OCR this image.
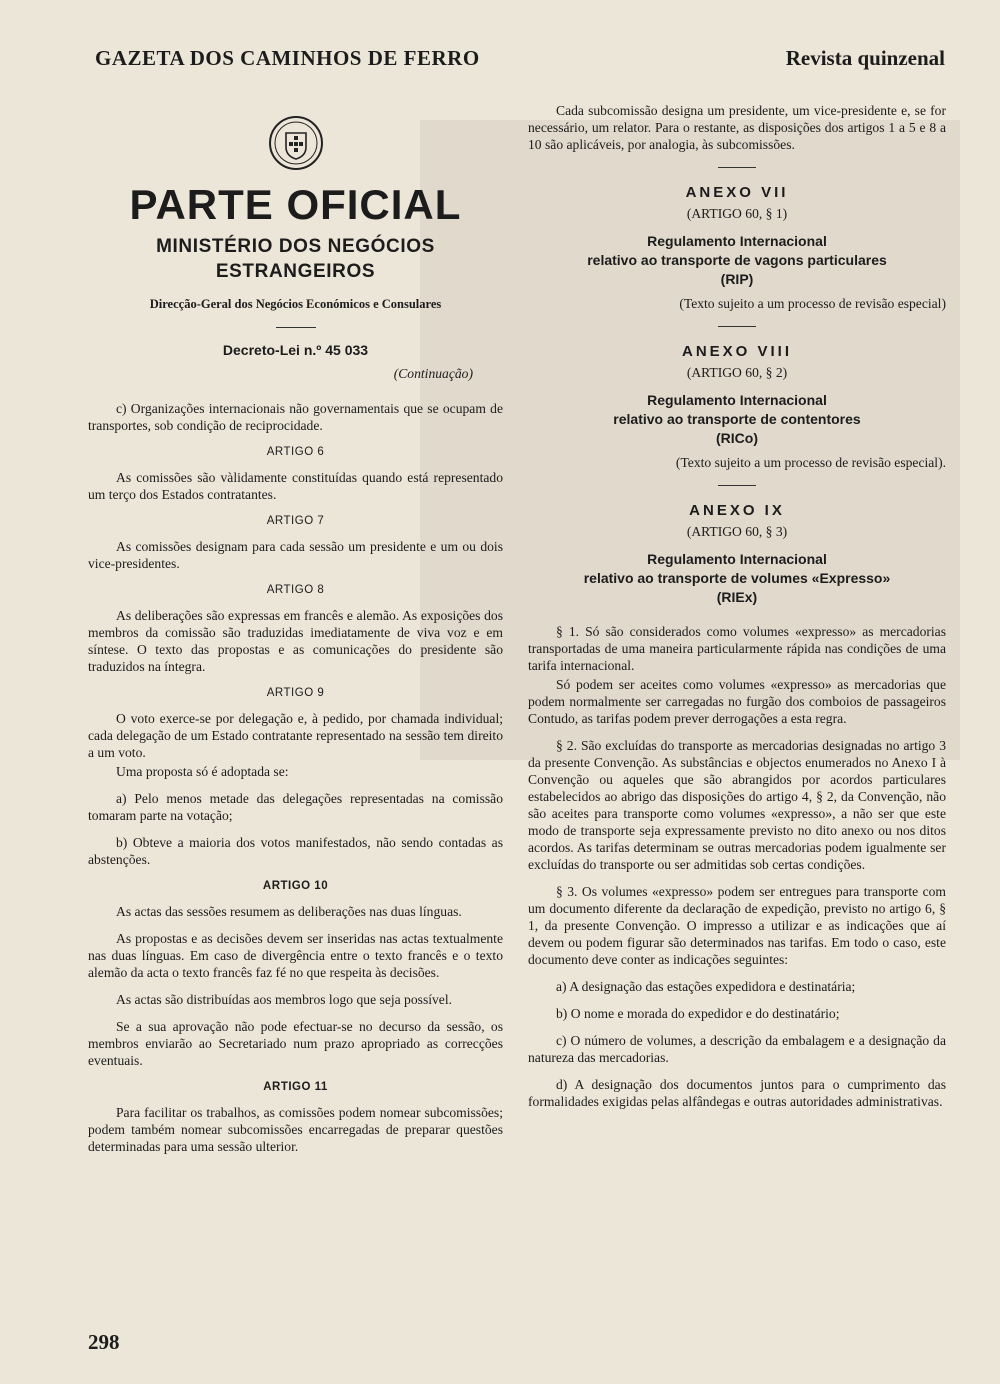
GAZETA DOS CAMINHOS DE FERRO	Revista quinzenal
PARTE OFICIAL
MINISTÉRIO DOS NEGÓCIOS
ESTRANGEIROS
Direcção-Geral dos Negócios Económicos e Consulares
Decreto-Lei n.º 45 033
(Continuação)

c) Organizações internacionais não governamentais que se ocupam de transportes, sob condição de reciprocidade.

ARTIGO 6

As comissões são vàlidamente constituídas quando está representado um terço dos Estados contratantes.

ARTIGO 7

As comissões designam para cada sessão um presidente e um ou dois vice-presidentes.

ARTIGO 8

As deliberações são expressas em francês e alemão. As exposições dos membros da comissão são traduzidas imediatamente de viva voz e em síntese. O texto das propostas e as comunicações do presidente são traduzidos na íntegra.

ARTIGO 9

O voto exerce-se por delegação e, à pedido, por chamada individual; cada delegação de um Estado contratante representado na sessão tem direito a um voto.

Uma proposta só é adoptada se:

a) Pelo menos metade das delegações representadas na comissão tomaram parte na votação;

b) Obteve a maioria dos votos manifestados, não sendo contadas as abstenções.

ARTIGO 10

As actas das sessões resumem as deliberações nas duas línguas.

As propostas e as decisões devem ser inseridas nas actas textualmente nas duas línguas. Em caso de divergência entre o texto francês e o texto alemão da acta o texto francês faz fé no que respeita às decisões.

As actas são distribuídas aos membros logo que seja possível.

Se a sua aprovação não pode efectuar-se no decurso da sessão, os membros enviarão ao Secretariado num prazo apropriado as correcções eventuais.

ARTIGO 11

Para facilitar os trabalhos, as comissões podem nomear subcomissões; podem também nomear subcomissões encarregadas de preparar questões determinadas para uma sessão ulterior.

Cada subcomissão designa um presidente, um vice-presidente e, se for necessário, um relator. Para o restante, as disposições dos artigos 1 a 5 e 8 a 10 são aplicáveis, por analogia, às subcomissões.

ANEXO VII
(ARTIGO 60, § 1)
Regulamento Internacional
relativo ao transporte de vagons particulares
(RIP)
(Texto sujeito a um processo de revisão especial)
ANEXO VIII
(ARTIGO 60, § 2)
Regulamento Internacional
relativo ao transporte de contentores
(RICo)
(Texto sujeito a um processo de revisão especial).
ANEXO IX
(ARTIGO 60, § 3)
Regulamento Internacional
relativo ao transporte de volumes «Expresso»
(RIEx)

§ 1. Só são considerados como volumes «expresso» as mercadorias transportadas de uma maneira particularmente rápida nas condições de uma tarifa internacional.

Só podem ser aceites como volumes «expresso» as mercadorias que podem normalmente ser carregadas no furgão dos comboios de passageiros Contudo, as tarifas podem prever derrogações a esta regra.

§ 2. São excluídas do transporte as mercadorias designadas no artigo 3 da presente Convenção. As substâncias e objectos enumerados no Anexo I à Convenção ou aqueles que são abrangidos por acordos particulares estabelecidos ao abrigo das disposições do artigo 4, § 2, da Convenção, não são aceites para transporte como volumes «expresso», a não ser que este modo de transporte seja expressamente previsto no dito anexo ou nos ditos acordos. As tarifas determinam se outras mercadorias podem igualmente ser excluídas do transporte ou ser admitidas sob certas condições.

§ 3. Os volumes «expresso» podem ser entregues para transporte com um documento diferente da declaração de expedição, previsto no artigo 6, § 1, da presente Convenção. O impresso a utilizar e as indicações que aí devem ou podem figurar são determinados nas tarifas. Em todo o caso, este documento deve conter as indicações seguintes:

a) A designação das estações expedidora e destinatária;

b) O nome e morada do expedidor e do destinatário;

c) O número de volumes, a descrição da embalagem e a designação da natureza das mercadorias.

d) A designação dos documentos juntos para o cumprimento das formalidades exigidas pelas alfândegas e outras autoridades administrativas.

298
